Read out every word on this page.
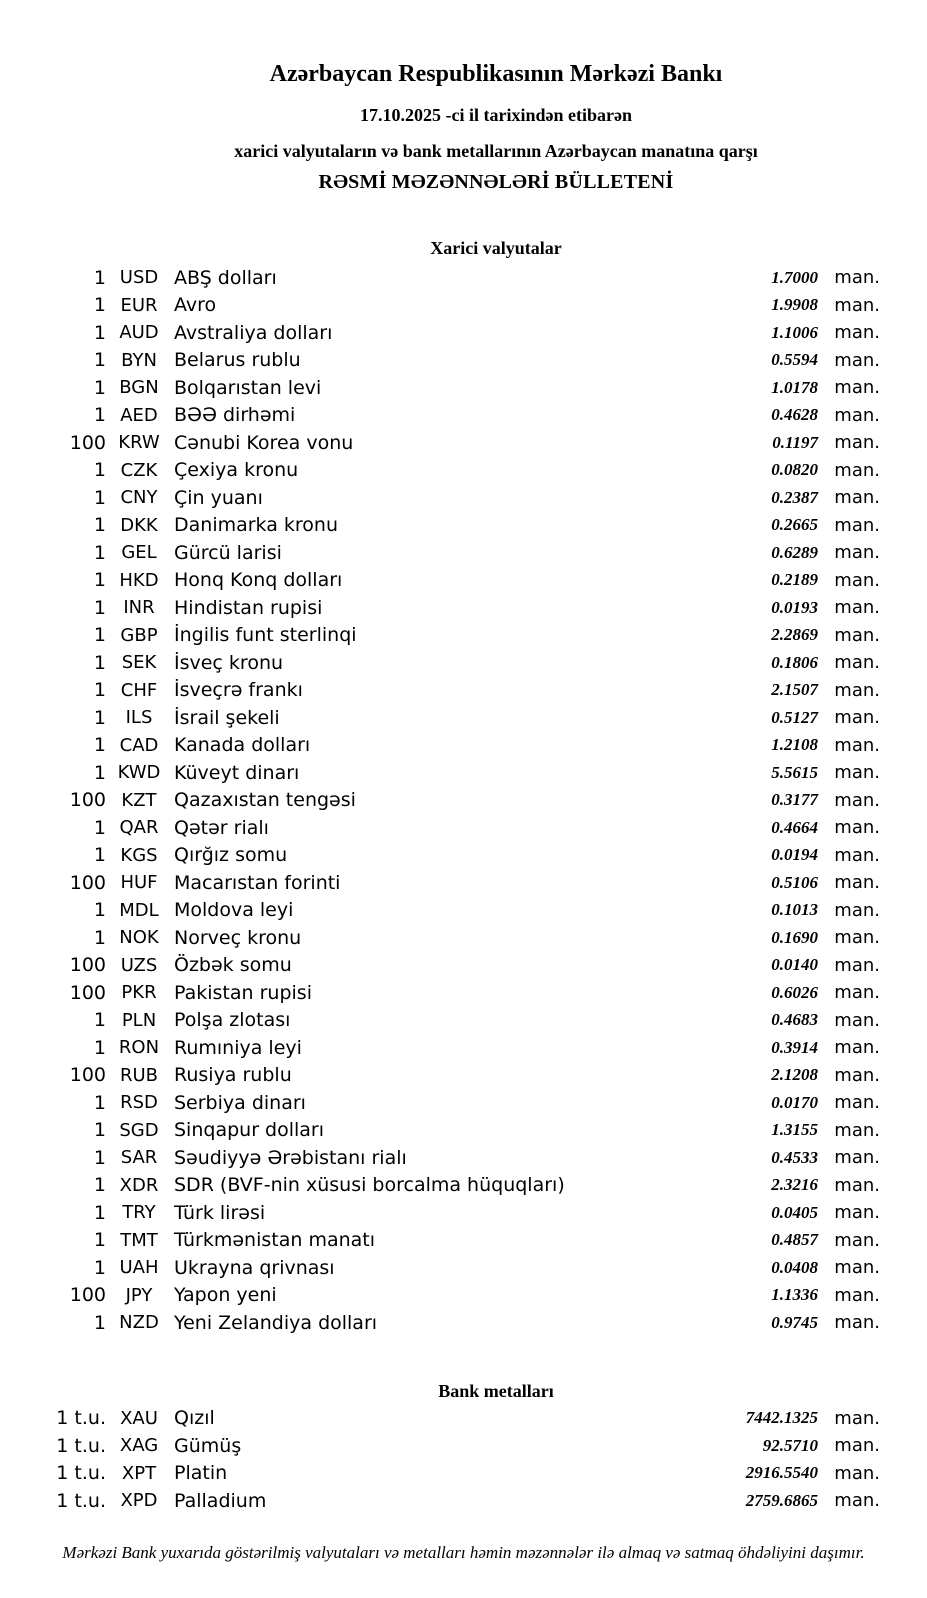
Azərbaycan Respublikasının Mərkəzi Bankı
17.10.2025 -ci il tarixindən etibarən
xarici valyutaların və bank metallarının Azərbaycan manatına qarşı
RƏSMİ MƏZƏNNƏLƏRİ BÜLLETENİ
Xarici valyutalar
1 USD ABŞ dolları	1.7000 man.
1 EUR Avro	1.9908 man.
1 AUD Avstraliya dolları	1.1006 man.
1 BYN Belarus rublu	0.5594 man.
1 BGN Bolqarıstan levi	1.0178 man.
1 AED BƏƏ dirhəmi	0.4628 man.
100 KRW Cənubi Korea vonu	0.1197 man.
1 CZK Çexiya kronu	0.0820 man.
1 CNY Çin yuanı	0.2387 man.
1 DKK Danimarka kronu	0.2665 man.
1 GEL Gürcü larisi	0.6289 man.
1 HKD Honq Konq dolları	0.2189 man.
1 INR	Hindistan rupisi	0.0193 man.
1 GBP İngilis funt sterlinqi	2.2869 man.
1 SEK İsveç kronu	0.1806 man.
1 CHF İsveçrə frankı	2.1507 man.
1	ILS	İsrail şekeli	0.5127 man.
1 CAD Kanada dolları	1.2108 man.
1 KWD Küveyt dinarı	5.5615 man.
100 KZT Qazaxıstan tengəsi	0.3177 man.
1 QAR Qətər rialı	0.4664 man.
1 KGS Qırğız somu	0.0194 man.
100 HUF Macarıstan forinti	0.5106 man.
1 MDL Moldova leyi	0.1013 man.
1 NOK Norveç kronu	0.1690 man.
100 UZS Özbək somu	0.0140 man.
100 PKR Pakistan rupisi	0.6026 man.
1 PLN Polşa zlotası	0.4683 man.
1 RON Rumıniya leyi	0.3914 man.
100 RUB Rusiya rublu	2.1208 man.
1 RSD Serbiya dinarı	0.0170 man.
1 SGD Sinqapur dolları	1.3155 man.
1 SAR Səudiyyə Ərəbistanı rialı	0.4533 man.
1 XDR SDR (BVF-nin xüsusi borcalma hüquqları)	2.3216 man.
1 TRY Türk lirəsi	0.0405 man.
1 TMT Türkmənistan manatı	0.4857 man.
1 UAH Ukrayna qrivnası	0.0408 man.
100	JPY	Yapon yeni	1.1336 man.
1 NZD Yeni Zelandiya dolları	0.9745 man.
Bank metalları
1 t.u. XAU Qızıl	7442.1325 man.
1 t.u. XAG Gümüş	92.5710 man.
1 t.u. XPT Platin	2916.5540 man.
1 t.u. XPD Palladium	2759.6865 man.
Mərkəzi Bank yuxarıda göstərilmiş valyutaları və metalları həmin məzənnələr ilə almaq və satmaq öhdəliyini daşımır.
